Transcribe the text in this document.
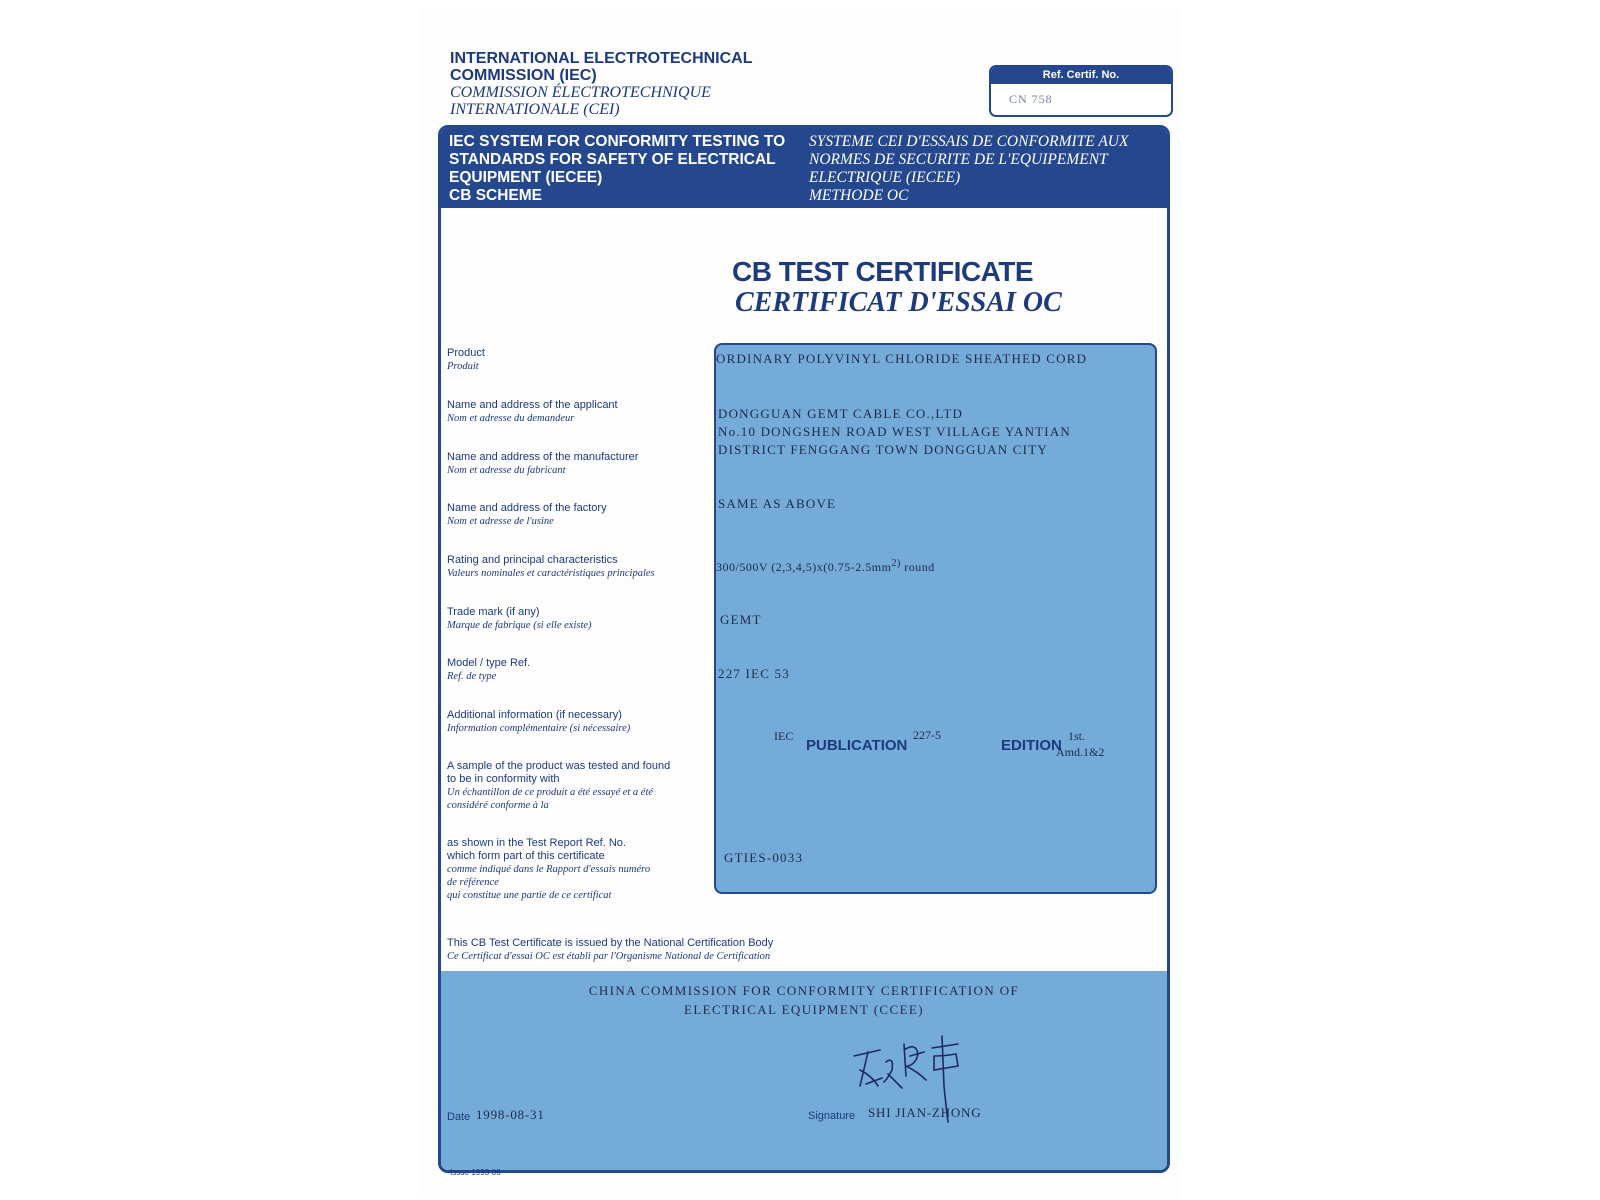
INTERNATIONAL ELECTROTECHNICAL
COMMISSION (IEC)
COMMISSION ÉLECTROTECHNIQUE
INTERNATIONALE (CEI)
Ref. Certif. No.
CN 758
IEC SYSTEM FOR CONFORMITY TESTING TO
STANDARDS FOR SAFETY OF ELECTRICAL
EQUIPMENT (IECEE)
CB SCHEME
SYSTEME CEI D'ESSAIS DE CONFORMITE AUX
NORMES DE SECURITE DE L'EQUIPEMENT
ELECTRIQUE (IECEE)
METHODE OC
CHINA COMMISSION FOR CONFORMITY CERTIFICATION OF
ELECTRICAL EQUIPMENT (CCEE)
CB TEST CERTIFICATE
CERTIFICAT D'ESSAI OC
Product
Produit
Name and address of the applicant
Nom et adresse du demandeur
Name and address of the manufacturer
Nom et adresse du fabricant
Name and address of the factory
Nom et adresse de l'usine
Rating and principal characteristics
Valeurs nominales et caractéristiques principales
Trade mark (if any)
Marque de fabrique (si elle existe)
Model / type Ref.
Ref. de type
Additional information (if necessary)
Information complémentaire (si nécessaire)
A sample of the product was tested and found
to be in conformity with
Un échantillon de ce produit a été essayé et a été
considéré conforme à la
as shown in the Test Report Ref. No.
which form part of this certificate
comme indiqué dans le Rapport d'essais numéro
de référence
qui constitue une partie de ce certificat
ORDINARY POLYVINYL CHLORIDE SHEATHED CORD
DONGGUAN GEMT CABLE CO.,LTD
No.10 DONGSHEN ROAD WEST VILLAGE YANTIAN
DISTRICT FENGGANG TOWN DONGGUAN CITY
SAME AS ABOVE
300/500V $(2,3,4,5)x(0.75-2.5mm^{2)}$ round
GEMT
227 IEC 53
IEC
PUBLICATION
227-5
EDITION
1st.
Amd.1&2
GTIES-0033
This CB Test Certificate is issued by the National Certification Body
Ce Certificat d'essai OC est établi par l'Organisme National de Certification
Date 1998-08-31	Signature SHI JIAN-ZHONG
Issue 1993-06
